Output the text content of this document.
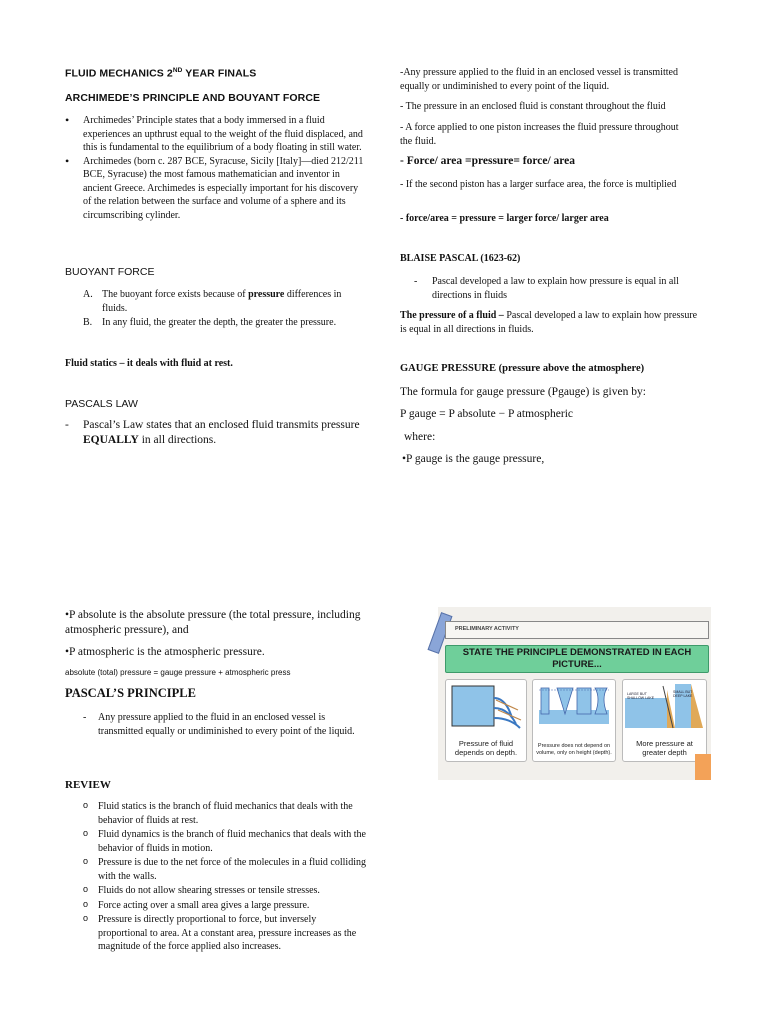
FLUID MECHANICS 2ND YEAR FINALS
ARCHIMEDE’S PRINCIPLE AND BOUYANT FORCE
• Archimedes’ Principle states that a body immersed in a fluid experiences an upthrust equal to the weight of the fluid displaced, and this is fundamental to the equilibrium of a body floating in still water.
• Archimedes (born c. 287 BCE, Syracuse, Sicily [Italy]—died 212/211 BCE, Syracuse) the most famous mathematician and inventor in ancient Greece. Archimedes is especially important for his discovery of the relation between the surface and volume of a sphere and its circumscribing cylinder.
BUOYANT FORCE
A. The buoyant force exists because of pressure differences in fluids.
B. In any fluid, the greater the depth, the greater the pressure.
Fluid statics – it deals with fluid at rest.
PASCALS LAW
- Pascal’s Law states that an enclosed fluid transmits pressure EQUALLY in all directions.
•P absolute is the absolute pressure (the total pressure, including atmospheric pressure), and
•P atmospheric is the atmospheric pressure.
absolute (total) pressure = gauge pressure + atmospheric press
PASCAL’S PRINCIPLE
- Any pressure applied to the fluid in an enclosed vessel is transmitted equally or undiminished to every point of the liquid.
REVIEW
o Fluid statics is the branch of fluid mechanics that deals with the behavior of fluids at rest.
o Fluid dynamics is the branch of fluid mechanics that deals with the behavior of fluids in motion.
o Pressure is due to the net force of the molecules in a fluid colliding with the walls.
o Fluids do not allow shearing stresses or tensile stresses.
o Force acting over a small area gives a large pressure.
o Pressure is directly proportional to force, but inversely proportional to area. At a constant area, pressure increases as the magnitude of the force applied also increases.
-Any pressure applied to the fluid in an enclosed vessel is transmitted equally or undiminished to every point of the liquid.
- The pressure in an enclosed fluid is constant throughout the fluid
- A force applied to one piston increases the fluid pressure throughout the fluid.
- Force/ area =pressure= force/ area
- If the second piston has a larger surface area, the force is multiplied
- force/area = pressure = larger force/ larger area
BLAISE PASCAL (1623-62)
- Pascal developed a law to explain how pressure is equal in all directions in fluids
The pressure of a fluid – Pascal developed a law to explain how pressure is equal in all directions in fluids.
GAUGE PRESSURE (pressure above the atmosphere)
The formula for gauge pressure (Pgauge) is given by:
P gauge = P absolute − P atmospheric
where:
•P gauge is the gauge pressure,
PRELIMINARY ACTIVITY
STATE THE PRINCIPLE DEMONSTRATED IN EACH PICTURE...
Pressure of fluid depends on depth.
Pressure does not depend on volume, only on height (depth).
LARGE BUT SHALLOW LAKE
SMALL BUT DEEP LAKE
More pressure at greater depth
